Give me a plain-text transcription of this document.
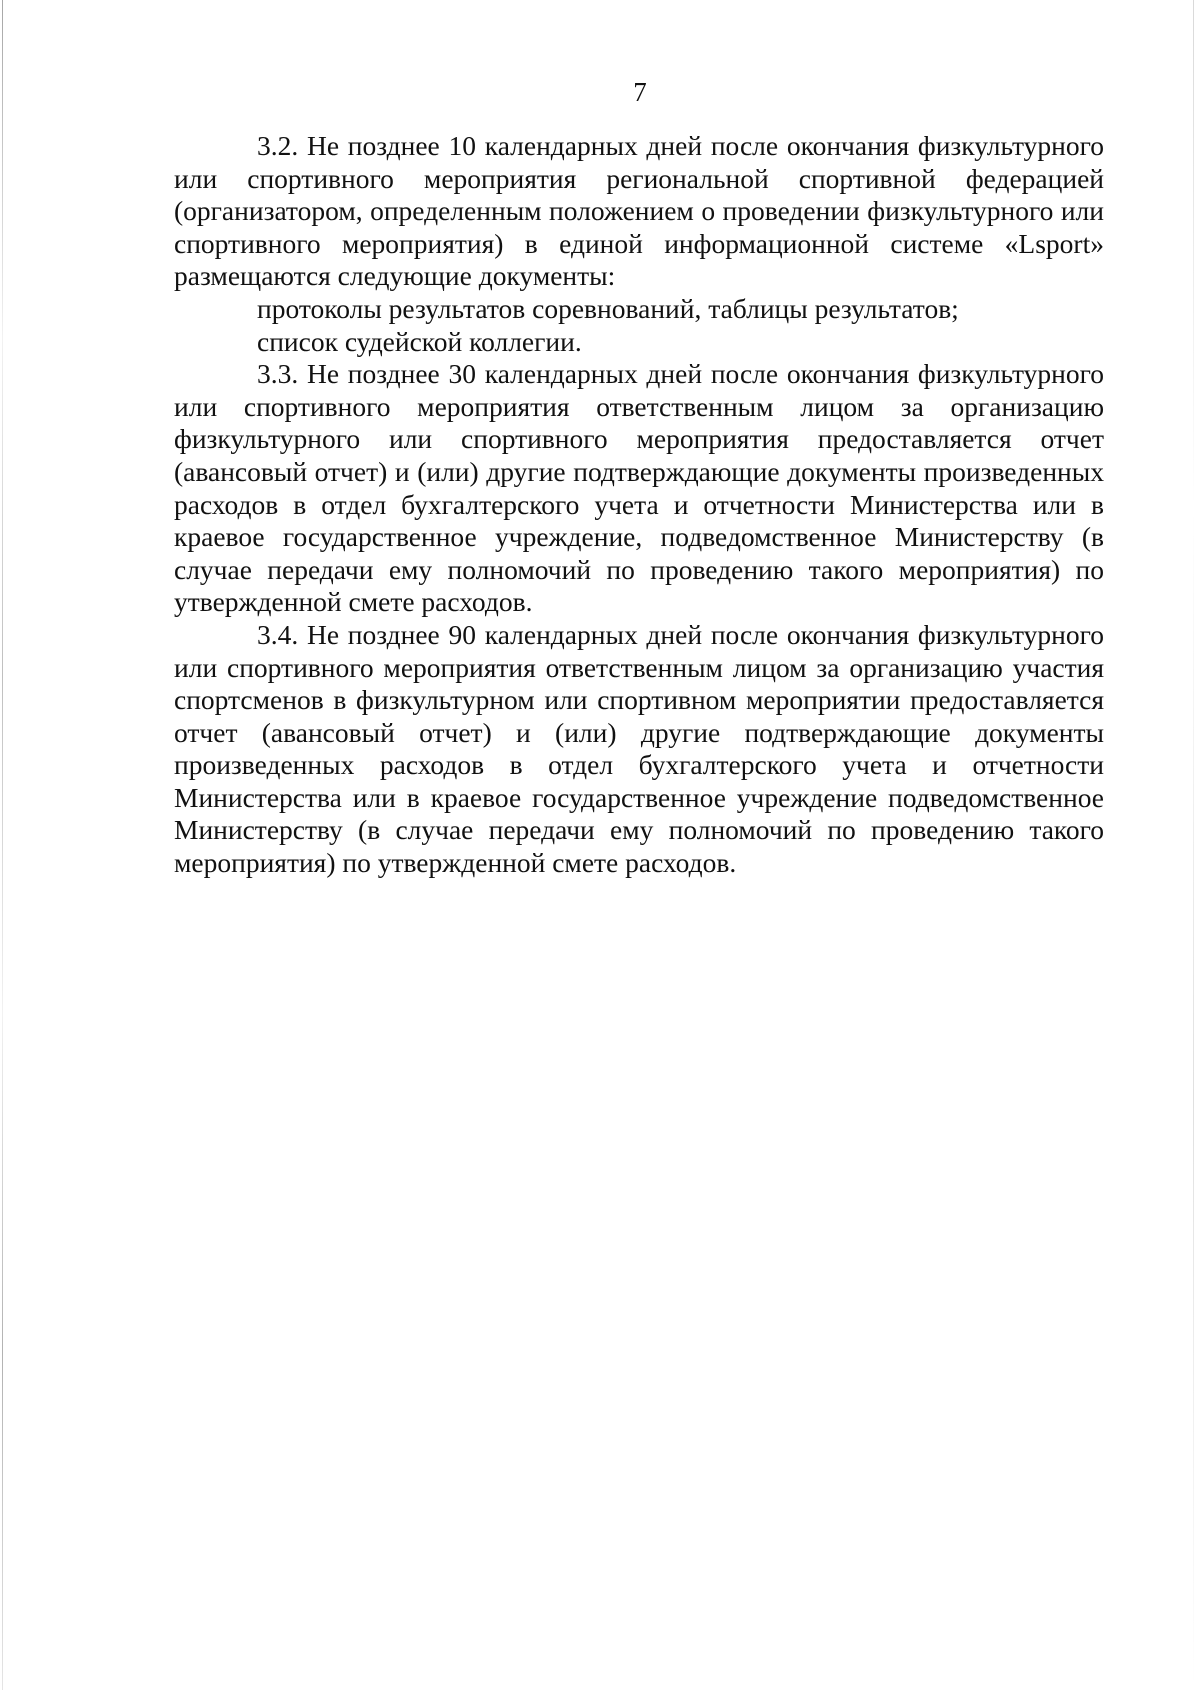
7

3.2. Не позднее 10 календарных дней после окончания физкультурного или спортивного мероприятия региональной спортивной федерацией (организатором, определенным положением о проведении физкультурного или спортивного мероприятия) в единой информационной системе «Lsport» размещаются следующие документы:

протоколы результатов соревнований, таблицы результатов;

список судейской коллегии.

3.3. Не позднее 30 календарных дней после окончания физкультурного или спортивного мероприятия ответственным лицом за организацию физкультурного или спортивного мероприятия предоставляется отчет (авансовый отчет) и (или) другие подтверждающие документы произведенных расходов в отдел бухгалтерского учета и отчетности Министерства или в краевое государственное учреждение, подведомственное Министерству (в случае передачи ему полномочий по проведению такого мероприятия) по утвержденной смете расходов.

3.4. Не позднее 90 календарных дней после окончания физкультурного или спортивного мероприятия ответственным лицом за организацию участия спортсменов в физкультурном или спортивном мероприятии предоставляется отчет (авансовый отчет) и (или) другие подтверждающие документы произведенных расходов в отдел бухгалтерского учета и отчетности Министерства или в краевое государственное учреждение подведомственное Министерству (в случае передачи ему полномочий по проведению такого мероприятия) по утвержденной смете расходов.
